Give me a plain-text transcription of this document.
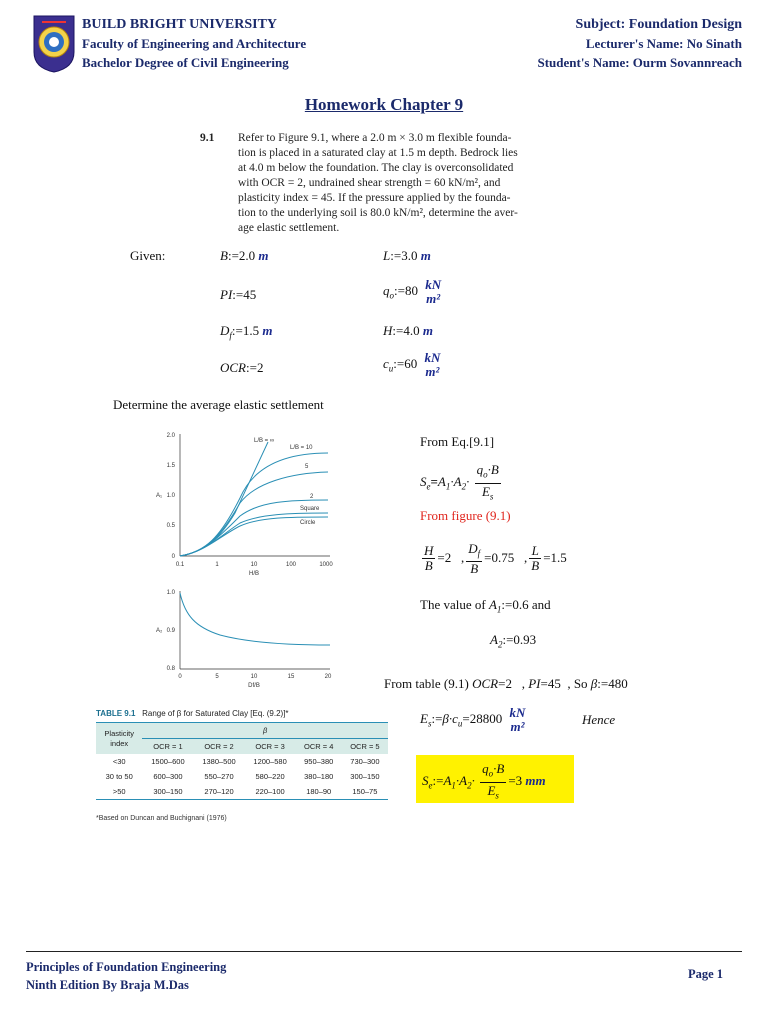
BUILD BRIGHT UNIVERSITY
Faculty of Engineering and Architecture
Bachelor Degree of Civil Engineering
Subject: Foundation Design
Lecturer's Name: No Sinath
Student's Name: Ourm Sovannreach
Homework Chapter 9
9.1 Refer to Figure 9.1, where a 2.0 m × 3.0 m flexible founda-
tion is placed in a saturated clay at 1.5 m depth. Bedrock lies
at 4.0 m below the foundation. The clay is overconsolidated
with OCR = 2, undrained shear strength = 60 kN/m², and
plasticity index = 45. If the pressure applied by the founda-
tion to the underlying soil is 80.0 kN/m², determine the aver-
age elastic settlement.
Given:	B:=2.0 m	L:=3.0 m
PI:=45	$q_o:=80$ kN
m²
$D_f:=1.5$ m	H:=4.0 m
OCR:=2	$c_u:=60$ kN
m²
Determine the average elastic settlement
2.0
1.5
1.0
0.5
0
A₁
0.1	1	10	100	1000
H/B
L/B = ∞
L/B = 10
5
2
Square
Circle
1.0
0.9
0.8
A₂
0	5	10	15	20
Df/B
TABLE 9.1 Range of β for Saturated Clay [Eq. (9.2)]*
Plasticity
index	β				
	OCR = 1	OCR = 2	OCR = 3	OCR = 4	OCR = 5
<30	1500–600	1380–500	1200–580	950–380	730–300
30 to 50	600–300	550–270	580–220	380–180	300–150
>50	300–150	270–120	220–100	180–90	150–75
*Based on Duncan and Buchignani (1976)
From Eq.[9.1]
$S_e=A_1\cdot A_2\cdot \frac{q_o\cdot B}{E_s}$
From figure (9.1)
$\frac{H}{B} =2$   , $\frac{D_f}{B} =0.75$   , $\frac{L}{B} =1.5$
The value of $A_1:=0.6$ and
$A_2:=0.93$
From table (9.1) OCR=2   , PI=45 , So β:=480
$E_s:=\beta\cdot c_u=28800$ kN
m²	Hence
$S_e:=A_1\cdot A_2\cdot \frac{q_o\cdot B}{E_s} =3$ mm
Principles of Foundation Engineering
Ninth Edition By Braja M.Das
Page 1
